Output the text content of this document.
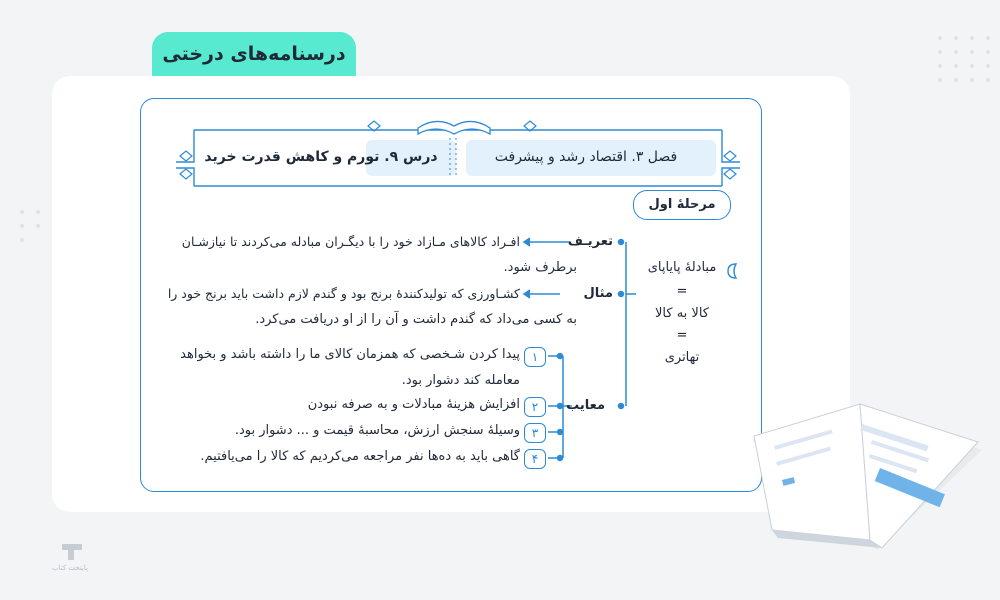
درسنامه‌های درختی
فصل ۳. اقتصاد رشد و پیشرفت
درس ۹. تورم و کاهش قدرت خرید
مرحلهٔ اول
مبادلهٔ پایاپای
=
کالا به کالا
=
تهاتری
تعریـف
افـراد کالاهای مـازاد خود را با دیگـران مبادله می‌کردند تا نیازشـان
برطرف شود.
مثال
کشـاورزی که تولیدکنندهٔ برنج بود و گندم لازم داشت باید برنج خود را
به کسی می‌داد که گندم داشت و آن را از او دریافت می‌کرد.
معایب
۱
پیدا کردن شـخصی که همزمان کالای ما را داشته باشد و بخواهد
معامله کند دشوار بود.
۲
افزایش هزینهٔ مبادلات و به صرفه نبودن
۳
وسیلهٔ سنجش ارزش، محاسبهٔ قیمت و ... دشوار بود.
۴
گاهی باید به ده‌ها نفر مراجعه می‌کردیم که کالا را می‌یافتیم.
پایتخت کتاب
